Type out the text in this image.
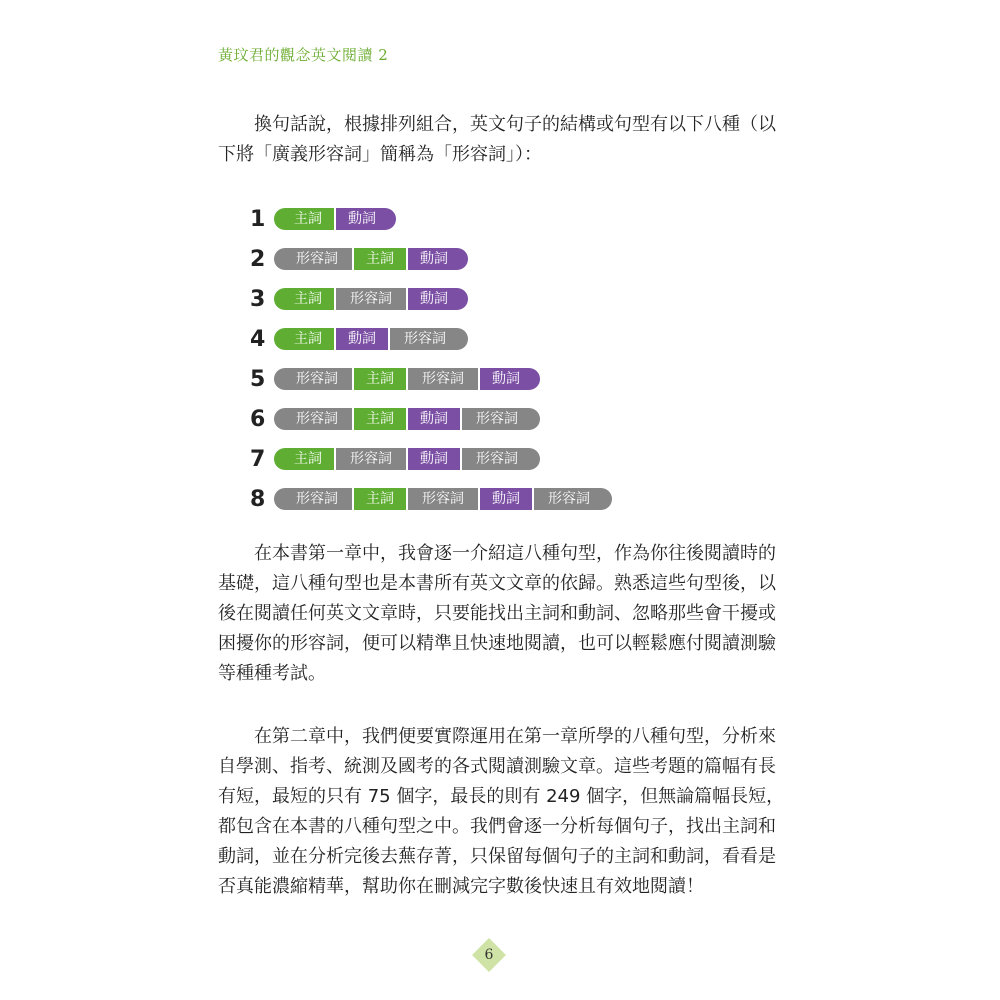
黃玟君的觀念英文閱讀 2
換句話說，根據排列組合，英文句子的結構或句型有以下八種（以
下將「廣義形容詞」簡稱為「形容詞」）：
1	主詞	動詞
2	形容詞	主詞	動詞
3	主詞	形容詞	動詞
4	主詞	動詞	形容詞
5	形容詞	主詞	形容詞	動詞
6	形容詞	主詞	動詞	形容詞
7	主詞	形容詞	動詞	形容詞
8	形容詞	主詞	形容詞	動詞	形容詞
在本書第一章中，我會逐一介紹這八種句型，作為你往後閱讀時的
基礎，這八種句型也是本書所有英文文章的依歸。熟悉這些句型後，以
後在閱讀任何英文文章時，只要能找出主詞和動詞、忽略那些會干擾或
困擾你的形容詞，便可以精準且快速地閱讀，也可以輕鬆應付閱讀測驗
等種種考試。
在第二章中，我們便要實際運用在第一章所學的八種句型，分析來
自學測、指考、統測及國考的各式閱讀測驗文章。這些考題的篇幅有長
有短，最短的只有 75 個字，最長的則有 249 個字，但無論篇幅長短，
都包含在本書的八種句型之中。我們會逐一分析每個句子，找出主詞和
動詞，並在分析完後去蕪存菁，只保留每個句子的主詞和動詞，看看是
否真能濃縮精華，幫助你在刪減完字數後快速且有效地閱讀！
6
